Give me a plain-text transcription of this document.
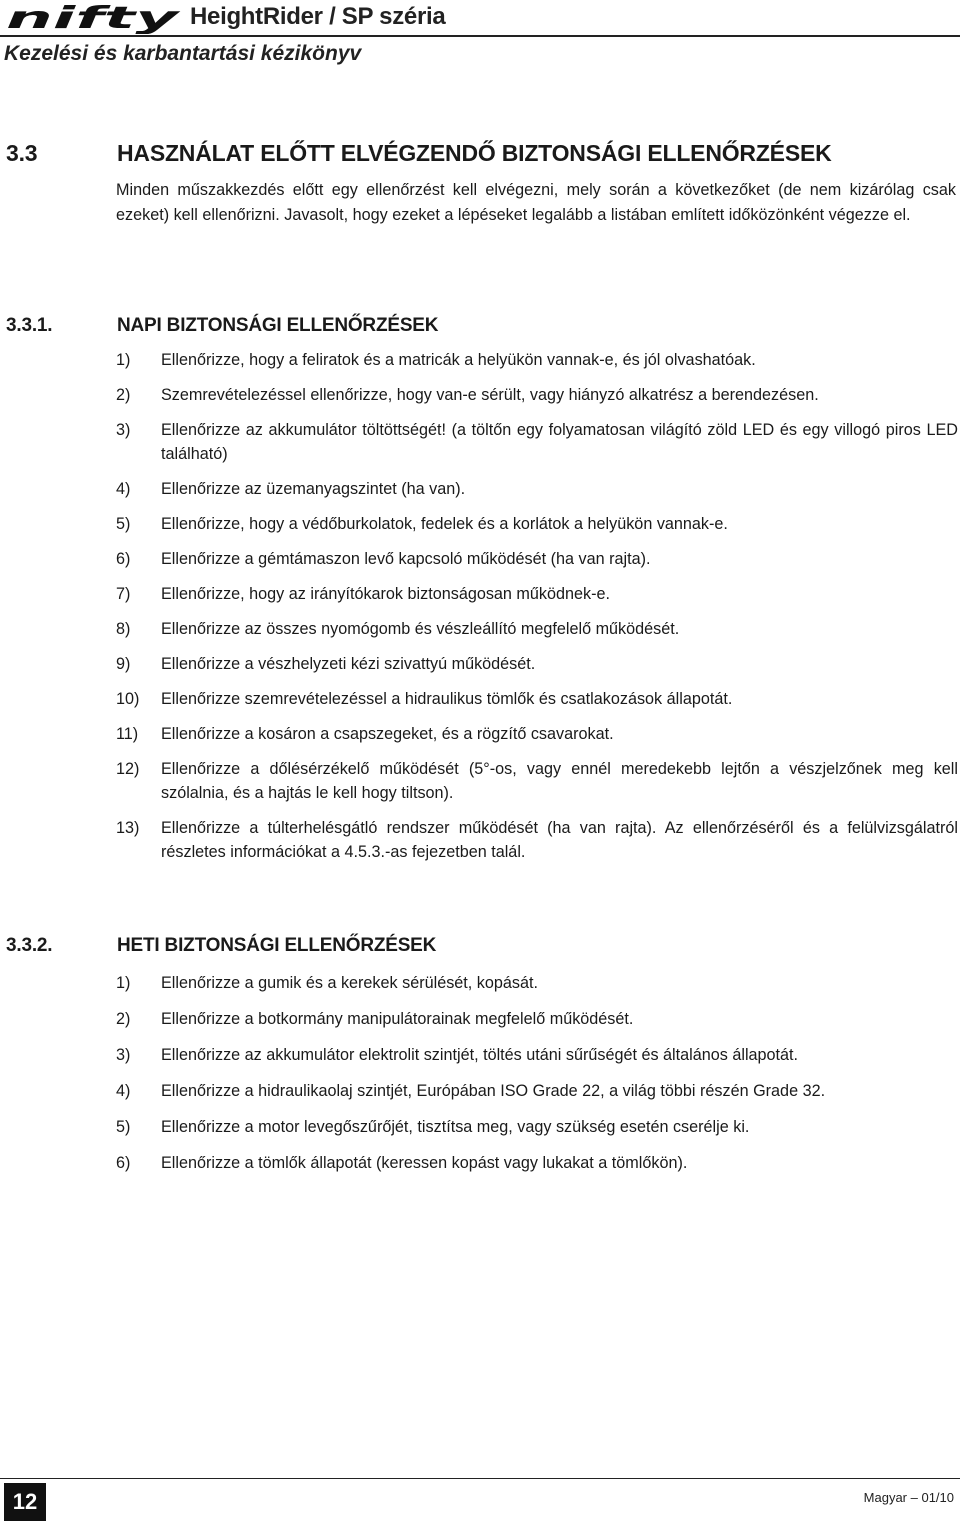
nifty HeightRider / SP széria
Kezelési és karbantartási kézikönyv
3.3	HASZNÁLAT ELŐTT ELVÉGZENDŐ BIZTONSÁGI ELLENŐRZÉSEK
Minden műszakkezdés előtt egy ellenőrzést kell elvégezni, mely során a következőket (de nem kizárólag csak ezeket) kell ellenőrizni. Javasolt, hogy ezeket a lépéseket legalább a listában említett időközönként végezze el.
3.3.1.	NAPI BIZTONSÁGI ELLENŐRZÉSEK
1)	Ellenőrizze, hogy a feliratok és a matricák a helyükön vannak-e, és jól olvashatóak.
2)	Szemrevételezéssel ellenőrizze, hogy van-e sérült, vagy hiányzó alkatrész a berendezésen.
3)	Ellenőrizze az akkumulátor töltöttségét! (a töltőn egy folyamatosan világító zöld LED és egy villogó piros LED található)
4)	Ellenőrizze az üzemanyagszintet (ha van).
5)	Ellenőrizze, hogy a védőburkolatok, fedelek és a korlátok a helyükön vannak-e.
6)	Ellenőrizze a gémtámaszon levő kapcsoló működését (ha van rajta).
7)	Ellenőrizze, hogy az irányítókarok biztonságosan működnek-e.
8)	Ellenőrizze az összes nyomógomb és vészleállító megfelelő működését.
9)	Ellenőrizze a vészhelyzeti kézi szivattyú működését.
10)	Ellenőrizze szemrevételezéssel a hidraulikus tömlők és csatlakozások állapotát.
11)	Ellenőrizze a kosáron a csapszegeket, és a rögzítő csavarokat.
12)	Ellenőrizze a dőlésérzékelő működését (5°-os, vagy ennél meredekebb lejtőn a vészjelzőnek meg kell szólalnia, és a hajtás le kell hogy tiltson).
13)	Ellenőrizze a túlterhelésgátló rendszer működését (ha van rajta). Az ellenőrzéséről és a felülvizsgálatról részletes információkat a 4.5.3.-as fejezetben talál.
3.3.2.	HETI BIZTONSÁGI ELLENŐRZÉSEK
1)	Ellenőrizze a gumik és a kerekek sérülését, kopását.
2)	Ellenőrizze a botkormány manipulátorainak megfelelő működését.
3)	Ellenőrizze az akkumulátor elektrolit szintjét, töltés utáni sűrűségét és általános állapotát.
4)	Ellenőrizze a hidraulikaolaj szintjét, Európában ISO Grade 22, a világ többi részén Grade 32.
5)	Ellenőrizze a motor levegőszűrőjét, tisztítsa meg, vagy szükség esetén cserélje ki.
6)	Ellenőrizze a tömlők állapotát (keressen kopást vagy lukakat a tömlőkön).
12	Magyar – 01/10
